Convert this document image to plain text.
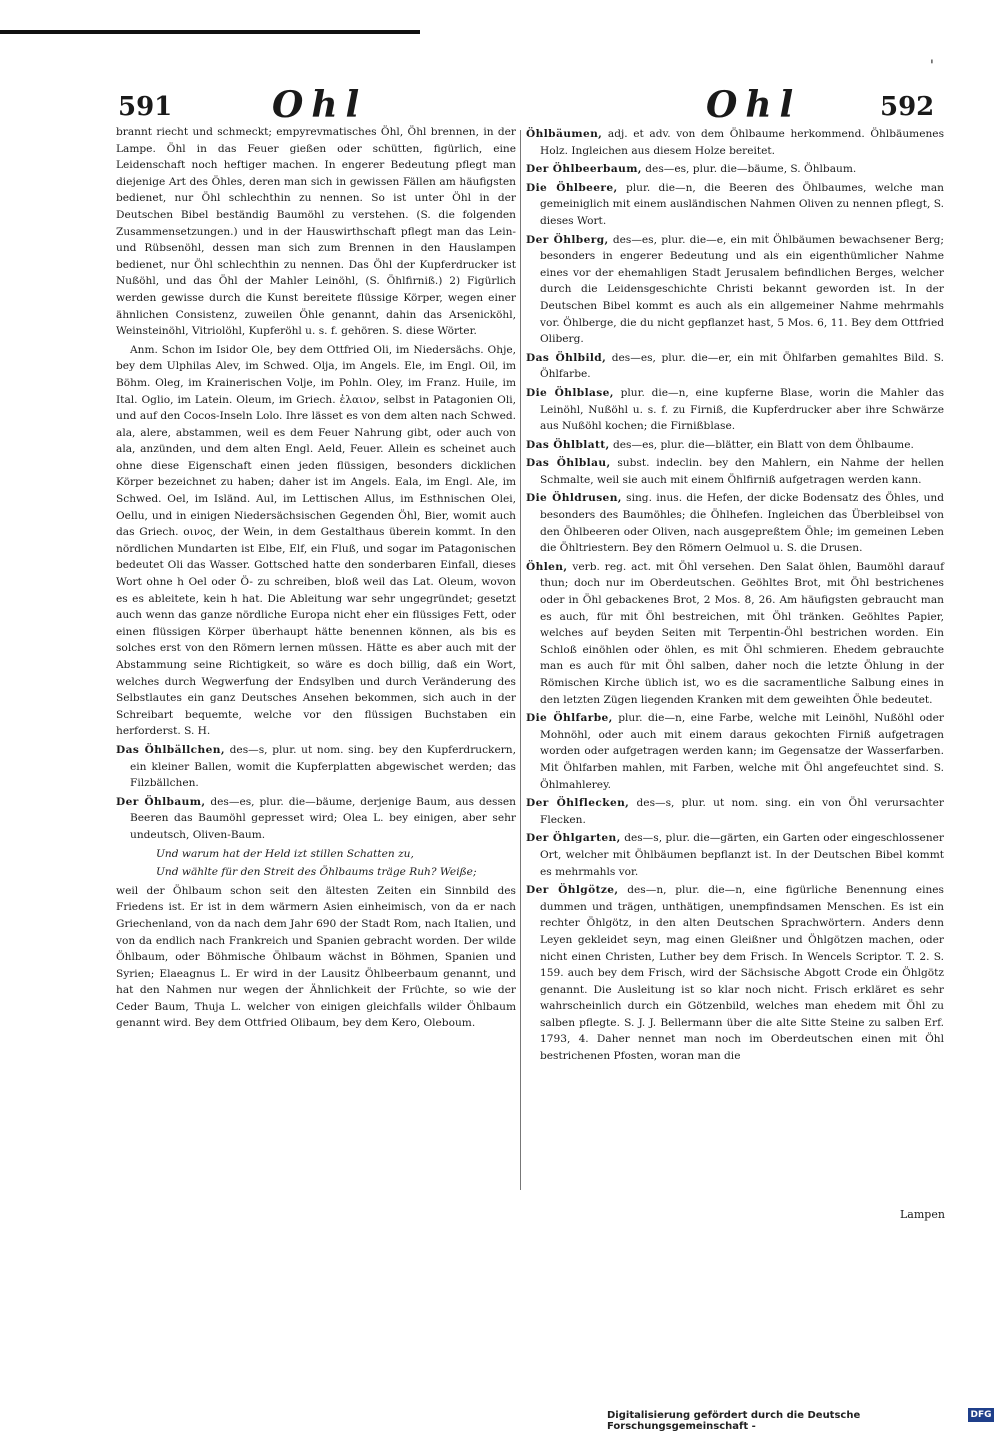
'
591	Ohl	Ohl	592

brannt riecht und schmeckt; empyrevmatisches Öhl, Öhl brennen, in der Lampe. Öhl in das Feuer gießen oder schütten, figürlich, eine Leidenschaft noch heftiger machen. In engerer Bedeutung pflegt man diejenige Art des Öhles, deren man sich in gewissen Fällen am häufigsten bedienet, nur Öhl schlechthin zu nennen. So ist unter Öhl in der Deutschen Bibel beständig Baumöhl zu verstehen. (S. die folgenden Zusammensetzungen.) und in der Hauswirthschaft pflegt man das Lein- und Rübsenöhl, dessen man sich zum Brennen in den Hauslampen bedienet, nur Öhl schlechthin zu nennen. Das Öhl der Kupferdrucker ist Nußöhl, und das Öhl der Mahler Leinöhl, (S. Öhlfirniß.) 2) Figürlich werden gewisse durch die Kunst bereitete flüssige Körper, wegen einer ähnlichen Consistenz, zuweilen Öhle genannt, dahin das Arsenicköhl, Weinsteinöhl, Vitriolöhl, Kupferöhl u. s. f. gehören. S. diese Wörter.

Anm. Schon im Isidor Ole, bey dem Ottfried Oli, im Niedersächs. Ohje, bey dem Ulphilas Alev, im Schwed. Olja, im Angels. Ele, im Engl. Oil, im Böhm. Oleg, im Krainerischen Volje, im Pohln. Oley, im Franz. Huile, im Ital. Oglio, im Latein. Oleum, im Griech. ἐλαιον, selbst in Patagonien Oli, und auf den Cocos-Inseln Lolo. Ihre lässet es von dem alten nach Schwed. ala, alere, abstammen, weil es dem Feuer Nahrung gibt, oder auch von ala, anzünden, und dem alten Engl. Aeld, Feuer. Allein es scheinet auch ohne diese Eigenschaft einen jeden flüssigen, besonders dicklichen Körper bezeichnet zu haben; daher ist im Angels. Eala, im Engl. Ale, im Schwed. Oel, im Isländ. Aul, im Lettischen Allus, im Esthnischen Olei, Oellu, und in einigen Niedersächsischen Gegenden Öhl, Bier, womit auch das Griech. οινος, der Wein, in dem Gestalthaus überein kommt. In den nördlichen Mundarten ist Elbe, Elf, ein Fluß, und sogar im Patagonischen bedeutet Oli das Wasser. Gottsched hatte den sonderbaren Einfall, dieses Wort ohne h Oel oder Ö- zu schreiben, bloß weil das Lat. Oleum, wovon es es ableitete, kein h hat. Die Ableitung war sehr ungegründet; gesetzt auch wenn das ganze nördliche Europa nicht eher ein flüssiges Fett, oder einen flüssigen Körper überhaupt hätte benennen können, als bis es solches erst von den Römern lernen müssen. Hätte es aber auch mit der Abstammung seine Richtigkeit, so wäre es doch billig, daß ein Wort, welches durch Wegwerfung der Endsylben und durch Veränderung des Selbstlautes ein ganz Deutsches Ansehen bekommen, sich auch in der Schreibart bequemte, welche vor den flüssigen Buchstaben ein herforderst. S. H.

Das Öhlbällchen, des—s, plur. ut nom. sing. bey den Kupferdruckern, ein kleiner Ballen, womit die Kupferplatten abgewischet werden; das Filzbällchen.

Der Öhlbaum, des—es, plur. die—bäume, derjenige Baum, aus dessen Beeren das Baumöhl gepresset wird; Olea L. bey einigen, aber sehr undeutsch, Oliven-Baum.

Und warum hat der Held izt stillen Schatten zu,

Und wählte für den Streit des Öhlbaums träge Ruh? Weiße;

weil der Öhlbaum schon seit den ältesten Zeiten ein Sinnbild des Friedens ist. Er ist in dem wärmern Asien einheimisch, von da er nach Griechenland, von da nach dem Jahr 690 der Stadt Rom, nach Italien, und von da endlich nach Frankreich und Spanien gebracht worden. Der wilde Öhlbaum, oder Böhmische Öhlbaum wächst in Böhmen, Spanien und Syrien; Elaeagnus L. Er wird in der Lausitz Öhlbeerbaum genannt, und hat den Nahmen nur wegen der Ähnlichkeit der Früchte, so wie der Ceder Baum, Thuja L. welcher von einigen gleichfalls wilder Öhlbaum genannt wird. Bey dem Ottfried Olibaum, bey dem Kero, Oleboum.

Öhlbäumen, adj. et adv. von dem Öhlbaume herkommend. Öhlbäumenes Holz. Ingleichen aus diesem Holze bereitet.

Der Öhlbeerbaum, des—es, plur. die—bäume, S. Öhlbaum.

Die Öhlbeere, plur. die—n, die Beeren des Öhlbaumes, welche man gemeiniglich mit einem ausländischen Nahmen Oliven zu nennen pflegt, S. dieses Wort.

Der Öhlberg, des—es, plur. die—e, ein mit Öhlbäumen bewachsener Berg; besonders in engerer Bedeutung und als ein eigenthümlicher Nahme eines vor der ehemahligen Stadt Jerusalem befindlichen Berges, welcher durch die Leidensgeschichte Christi bekannt geworden ist. In der Deutschen Bibel kommt es auch als ein allgemeiner Nahme mehrmahls vor. Öhlberge, die du nicht gepflanzet hast, 5 Mos. 6, 11. Bey dem Ottfried Oliberg.

Das Öhlbild, des—es, plur. die—er, ein mit Öhlfarben gemahltes Bild. S. Öhlfarbe.

Die Öhlblase, plur. die—n, eine kupferne Blase, worin die Mahler das Leinöhl, Nußöhl u. s. f. zu Firniß, die Kupferdrucker aber ihre Schwärze aus Nußöhl kochen; die Firnißblase.

Das Öhlblatt, des—es, plur. die—blätter, ein Blatt von dem Öhlbaume.

Das Öhlblau, subst. indeclin. bey den Mahlern, ein Nahme der hellen Schmalte, weil sie auch mit einem Öhlfirniß aufgetragen werden kann.

Die Öhldrusen, sing. inus. die Hefen, der dicke Bodensatz des Öhles, und besonders des Baumöhles; die Öhlhefen. Ingleichen das Überbleibsel von den Öhlbeeren oder Oliven, nach ausgepreßtem Öhle; im gemeinen Leben die Öhltriestern. Bey den Römern Oelmuol u. S. die Drusen.

Öhlen, verb. reg. act. mit Öhl versehen. Den Salat öhlen, Baumöhl darauf thun; doch nur im Oberdeutschen. Geöhltes Brot, mit Öhl bestrichenes oder in Öhl gebackenes Brot, 2 Mos. 8, 26. Am häufigsten gebraucht man es auch, für mit Öhl bestreichen, mit Öhl tränken. Geöhltes Papier, welches auf beyden Seiten mit Terpentin-Öhl bestrichen worden. Ein Schloß einöhlen oder öhlen, es mit Öhl schmieren. Ehedem gebrauchte man es auch für mit Öhl salben, daher noch die letzte Öhlung in der Römischen Kirche üblich ist, wo es die sacramentliche Salbung eines in den letzten Zügen liegenden Kranken mit dem geweihten Öhle bedeutet.

Die Öhlfarbe, plur. die—n, eine Farbe, welche mit Leinöhl, Nußöhl oder Mohnöhl, oder auch mit einem daraus gekochten Firniß aufgetragen worden oder aufgetragen werden kann; im Gegensatze der Wasserfarben. Mit Öhlfarben mahlen, mit Farben, welche mit Öhl angefeuchtet sind. S. Öhlmahlerey.

Der Öhlflecken, des—s, plur. ut nom. sing. ein von Öhl verursachter Flecken.

Der Öhlgarten, des—s, plur. die—gärten, ein Garten oder eingeschlossener Ort, welcher mit Öhlbäumen bepflanzt ist. In der Deutschen Bibel kommt es mehrmahls vor.

Der Öhlgötze, des—n, plur. die—n, eine figürliche Benennung eines dummen und trägen, unthätigen, unempfindsamen Menschen. Es ist ein rechter Öhlgötz, in den alten Deutschen Sprachwörtern. Anders denn Leyen gekleidet seyn, mag einen Gleißner und Öhlgötzen machen, oder nicht einen Christen, Luther bey dem Frisch. In Wencels Scriptor. T. 2. S. 159. auch bey dem Frisch, wird der Sächsische Abgott Crode ein Öhlgötz genannt. Die Ausleitung ist so klar noch nicht. Frisch erkläret es sehr wahrscheinlich durch ein Götzenbild, welches man ehedem mit Öhl zu salben pflegte. S. J. J. Bellermann über die alte Sitte Steine zu salben Erf. 1793, 4. Daher nennet man noch im Oberdeutschen einen mit Öhl bestrichenen Pfosten, woran man die

Lampen
Digitalisierung gefördert durch die Deutsche Forschungsgemeinschaft -
DFG
